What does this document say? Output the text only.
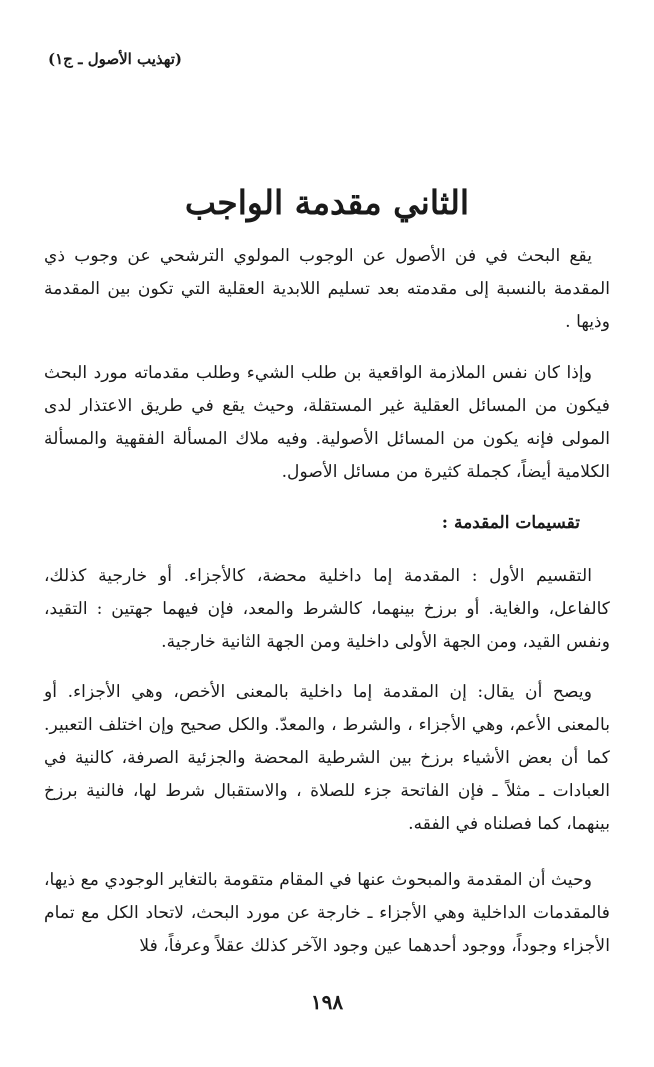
(تهذيب الأصول ـ ج١)
الثاني مقدمة الواجب

يقع البحث في فن الأصول عن الوجوب المولوي الترشحي عن وجوب ذي المقدمة بالنسبة إلى مقدمته بعد تسليم اللابدية العقلية التي تكون بين المقدمة وذيها .

وإذا كان نفس الملازمة الواقعية بن طلب الشيء وطلب مقدماته مورد البحث فيكون من المسائل العقلية غير المستقلة، وحيث يقع في طريق الاعتذار لدى المولى فإنه يكون من المسائل الأصولية. وفيه ملاك المسألة الفقهية والمسألة الكلامية أيضاً، كجملة كثيرة من مسائل الأصول.

تقسيمات المقدمة :

التقسيم الأول : المقدمة إما داخلية محضة، كالأجزاء. أو خارجية كذلك، كالفاعل، والغاية. أو برزخ بينهما، كالشرط والمعد، فإن فيهما جهتين : التقيد، ونفس القيد، ومن الجهة الأولى داخلية ومن الجهة الثانية خارجية.

ويصح أن يقال: إن المقدمة إما داخلية بالمعنى الأخص، وهي الأجزاء. أو بالمعنى الأعم، وهي الأجزاء ، والشرط ، والمعدّ. والكل صحيح وإن اختلف التعبير. كما أن بعض الأشياء برزخ بين الشرطية المحضة والجزئية الصرفة، كالنية في العبادات ـ مثلاً ـ فإن الفاتحة جزء للصلاة ، والاستقبال شرط لها، فالنية برزخ بينهما، كما فصلناه في الفقه.

وحيث أن المقدمة والمبحوث عنها في المقام متقومة بالتغاير الوجودي مع ذيها، فالمقدمات الداخلية وهي الأجزاء ـ خارجة عن مورد البحث، لاتحاد الكل مع تمام الأجزاء وجوداً، ووجود أحدهما عين وجود الآخر كذلك عقلاً وعرفاً، فلا

١٩٨
